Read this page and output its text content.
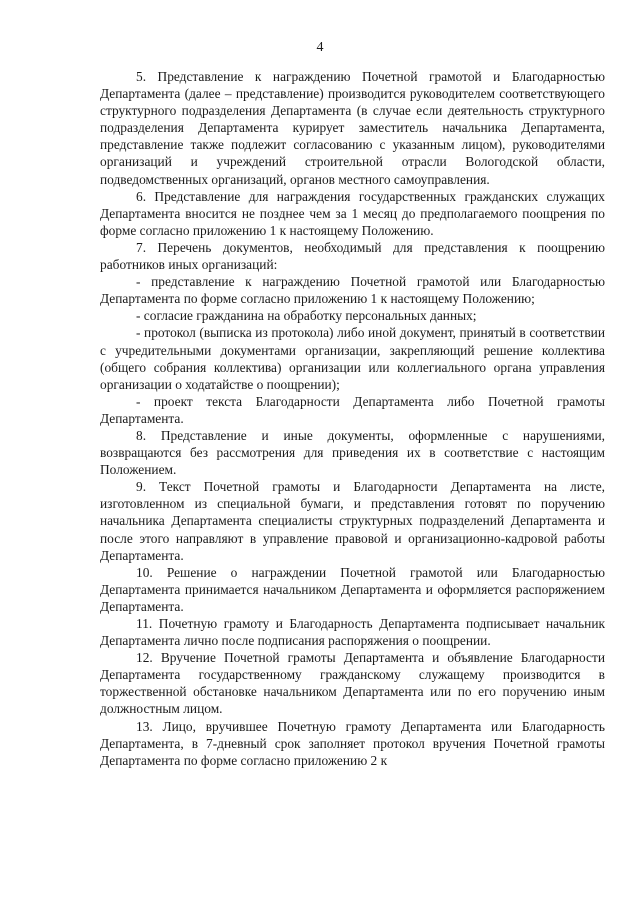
4

5. Представление к награждению Почетной грамотой и Благодарностью Департамента (далее – представление) производится руководителем соответствующего структурного подразделения Департамента (в случае если деятельность структурного подразделения Департамента курирует заместитель начальника Департамента, представление также подлежит согласованию с указанным лицом), руководителями организаций и учреждений строительной отрасли Вологодской области, подведомственных организаций, органов местного самоуправления.

6. Представление для награждения государственных гражданских служащих Департамента вносится не позднее чем за 1 месяц до предполагаемого поощрения по форме согласно приложению 1 к настоящему Положению.

7. Перечень документов, необходимый для представления к поощрению работников иных организаций:

- представление к награждению Почетной грамотой или Благодарностью Департамента по форме согласно приложению 1 к настоящему Положению;

- согласие гражданина на обработку персональных данных;

- протокол (выписка из протокола) либо иной документ, принятый в соответствии с учредительными документами организации, закрепляющий решение коллектива (общего собрания коллектива) организации или коллегиального органа управления организации о ходатайстве о поощрении);

- проект текста Благодарности Департамента либо Почетной грамоты Департамента.

8. Представление и иные документы, оформленные с нарушениями, возвращаются без рассмотрения для приведения их в соответствие с настоящим Положением.

9. Текст Почетной грамоты и Благодарности Департамента на листе, изготовленном из специальной бумаги, и представления готовят по поручению начальника Департамента специалисты структурных подразделений Департамента и после этого направляют в управление правовой и организационно-кадровой работы Департамента.

10. Решение о награждении Почетной грамотой или Благодарностью Департамента принимается начальником Департамента и оформляется распоряжением Департамента.

11. Почетную грамоту и Благодарность Департамента подписывает начальник Департамента лично после подписания распоряжения о поощрении.

12. Вручение Почетной грамоты Департамента и объявление Благодарности Департамента государственному гражданскому служащему производится в торжественной обстановке начальником Департамента или по его поручению иным должностным лицом.

13. Лицо, вручившее Почетную грамоту Департамента или Благодарность Департамента, в 7-дневный срок заполняет протокол вручения Почетной грамоты Департамента по форме согласно приложению 2 к
